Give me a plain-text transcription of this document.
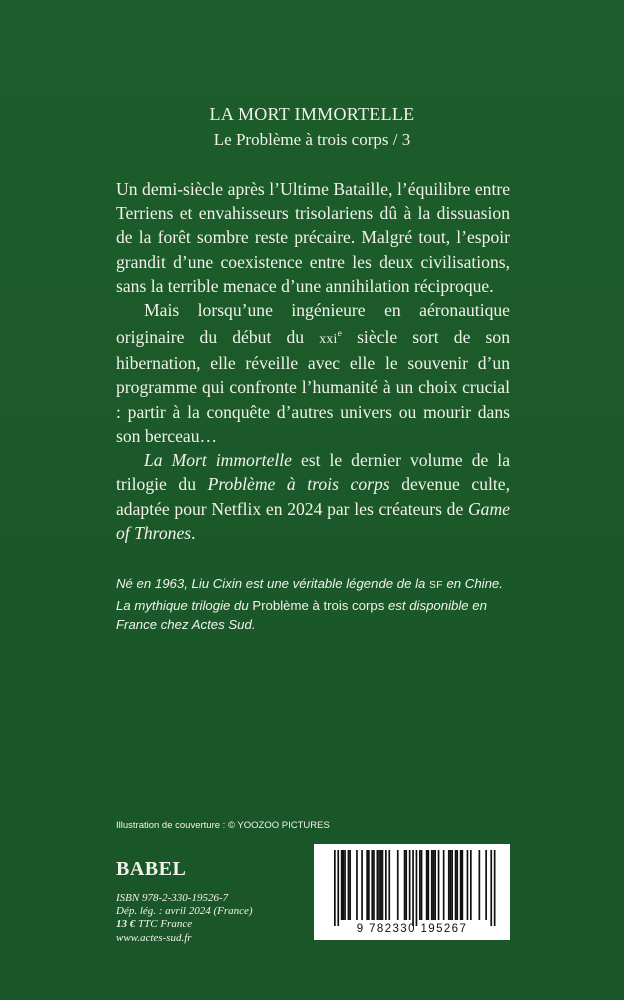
LA MORT IMMORTELLE
Le Problème à trois corps / 3

Un demi-siècle après l’Ultime Bataille, l’équilibre entre Terriens et envahisseurs trisolariens dû à la dissuasion de la forêt sombre reste précaire. Malgré tout, l’espoir grandit d’une coexistence entre les deux civilisations, sans la terrible menace d’une annihilation réciproque.

Mais lorsqu’une ingénieure en aéronautique originaire du début du xxi$^e$ siècle sort de son hibernation, elle réveille avec elle le souvenir d’un programme qui confronte l’humanité à un choix crucial : partir à la conquête d’autres univers ou mourir dans son berceau…

La Mort immortelle est le dernier volume de la trilogie du Problème à trois corps devenue culte, adaptée pour Netflix en 2024 par les créateurs de Game of Thrones.

Né en 1963, Liu Cixin est une véritable légende de la SF en Chine. La mythique trilogie du Problème à trois corps est disponible en France chez Actes Sud.
Illustration de couverture : © YOOZOO PICTURES
BABEL
ISBN 978-2-330-19526-7
Dép. lég. : avril 2024 (France)
13 € TTC France
www.actes-sud.fr
9 782330 195267
